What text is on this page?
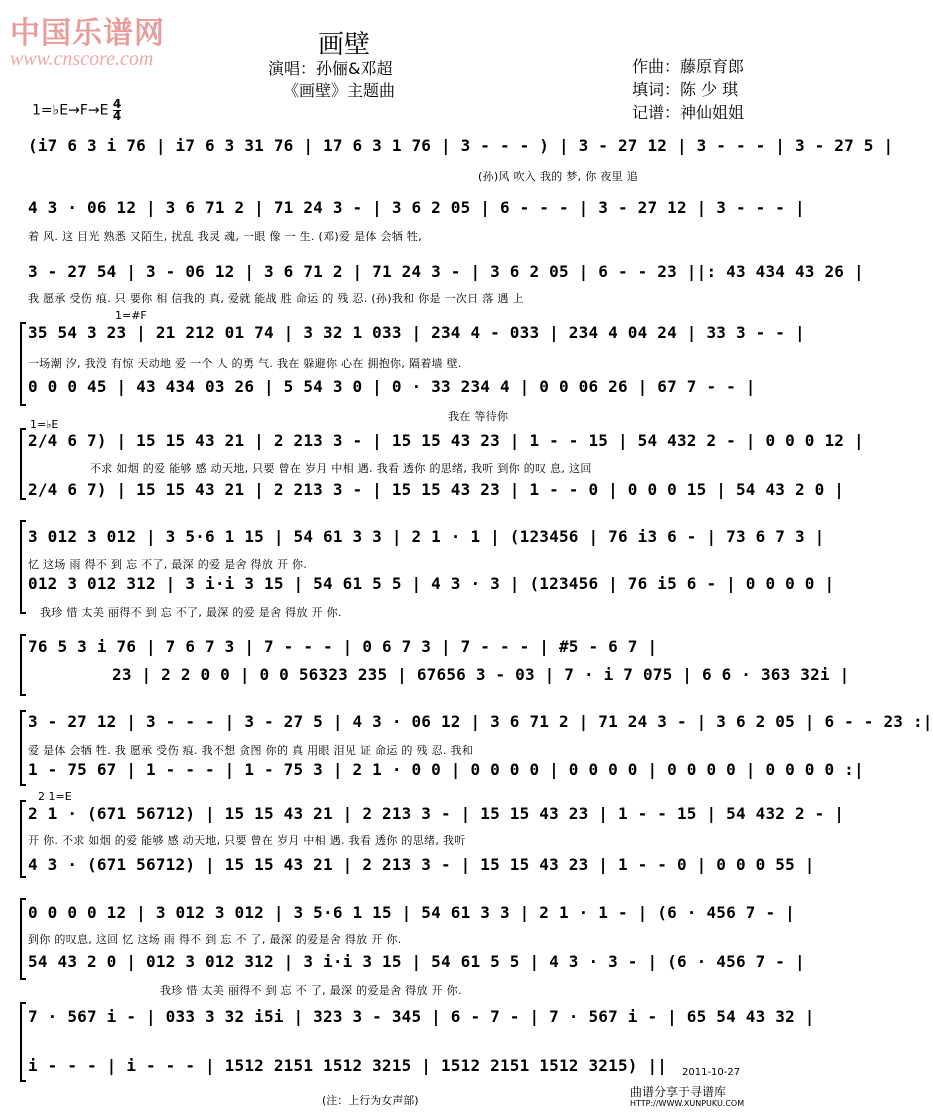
中国乐谱网
www.cnscore.com	画壁
演唱：孙俪&邓超
《画壁》主题曲
作曲：藤原育郎
填词：陈 少 琪
记谱：神仙姐姐
1=♭E→F→E $\frac{4}{4}$
(i7 6 3 i 76 | i7 6 3 31 76 | 17 6 3 1 76 | 3 - - - ) | 3 - 27 12 | 3 - - - | 3 - 27 5 |
(孙)风 吹入 我的 梦, 你 夜里 追
4 3 · 06 12 | 3 6 71 2 | 71 24 3 - | 3 6 2 05 | 6 - - - | 3 - 27 12 | 3 - - - |
着 风. 这 目光 熟悉 又陌生, 扰乱 我灵 魂, 一眼 像 一 生. (邓)爱 是体 会牺 牲,
3 - 27 54 | 3 - 06 12 | 3 6 71 2 | 71 24 3 - | 3 6 2 05 | 6 - - 23 ||: 43 434 43 26 |
我 愿承 受伤 痕. 只 要你 相 信我的 真, 爱就 能战 胜 命运 的 残 忍. (孙)我和 你是 一次日 落 遇 上
1=#F
35 54 3 23 | 21 212 01 74 | 3 32 1 033 | 234 4 - 033 | 234 4 04 24 | 33 3 - - |
一场潮 汐, 我没 有惊 天动地 爱 一个 人 的勇 气. 我在 躲避你 心在 拥抱你, 隔着墙 壁.
0 0 0 45 | 43 434 03 26 | 5 54 3 0 | 0 · 33 234 4 | 0 0 06 26 | 67 7 - - |
我在 等待你
1=♭E
2/4 6 7) | 15 15 43 21 | 2 213 3 - | 15 15 43 23 | 1 - - 15 | 54 432 2 - | 0 0 0 12 |
不求 如烟 的爱 能够 感 动天地, 只要 曾在 岁月 中相 遇. 我看 透你 的思绪, 我听 到你 的叹 息, 这回
2/4 6 7) | 15 15 43 21 | 2 213 3 - | 15 15 43 23 | 1 - - 0 | 0 0 0 15 | 54 43 2 0 |
3 012 3 012 | 3 5·6 1 15 | 54 61 3 3 | 2 1 · 1 | (123456 | 76 i3 6 - | 73 6 7 3 |
忆 这场 雨 得不 到 忘 不了, 最深 的爱 是舍 得放 开 你.
012 3 012 312 | 3 i·i 3 15 | 54 61 5 5 | 4 3 · 3 | (123456 | 76 i5 6 - | 0 0 0 0 |
我珍 惜 太美 丽得不 到 忘 不了, 最深 的爱 是舍 得放 开 你.
76 5 3 i 76 | 7 6 7 3 | 7 - - - | 0 6 7 3 | 7 - - - | #5 - 6 7 |
23 | 2 2 0 0 | 0 0 56323 235 | 67656 3 - 03 | 7 · i 7 075 | 6 6 · 363 32i |
3 - 27 12 | 3 - - - | 3 - 27 5 | 4 3 · 06 12 | 3 6 71 2 | 71 24 3 - | 3 6 2 05 | 6 - - 23 :|
爱 是体 会牺 牲. 我 愿承 受伤 痕. 我不想 贪图 你的 真 用眼 泪见 证 命运 的 残 忍. 我和
1 - 75 67 | 1 - - - | 1 - 75 3 | 2 1 · 0 0 | 0 0 0 0 | 0 0 0 0 | 0 0 0 0 | 0 0 0 0 :|
2 1=E
2 1 · (671 56712) | 15 15 43 21 | 2 213 3 - | 15 15 43 23 | 1 - - 15 | 54 432 2 - |
开 你. 不求 如烟 的爱 能够 感 动天地, 只要 曾在 岁月 中相 遇. 我看 透你 的思绪, 我听
4 3 · (671 56712) | 15 15 43 21 | 2 213 3 - | 15 15 43 23 | 1 - - 0 | 0 0 0 55 |
0 0 0 0 12 | 3 012 3 012 | 3 5·6 1 15 | 54 61 3 3 | 2 1 · 1 - | (6 · 456 7 - |
到你 的叹息, 这回 忆 这场 雨 得不 到 忘 不 了, 最深 的爱是舍 得放 开 你.
54 43 2 0 | 012 3 012 312 | 3 i·i 3 15 | 54 61 5 5 | 4 3 · 3 - | (6 · 456 7 - |
我珍 惜 太美 丽得不 到 忘 不 了, 最深 的爱是舍 得放 开 你.
7 · 567 i - | 033 3 32 i5i | 323 3 - 345 | 6 - 7 - | 7 · 567 i - | 65 54 43 32 |
i - - - | i - - - | 1512 2151 1512 3215 | 1512 2151 1512 3215) ||
(注：上行为女声部)
2011-10-27
曲谱分享于寻谱库
HTTP://WWW.XUNPUKU.COM
